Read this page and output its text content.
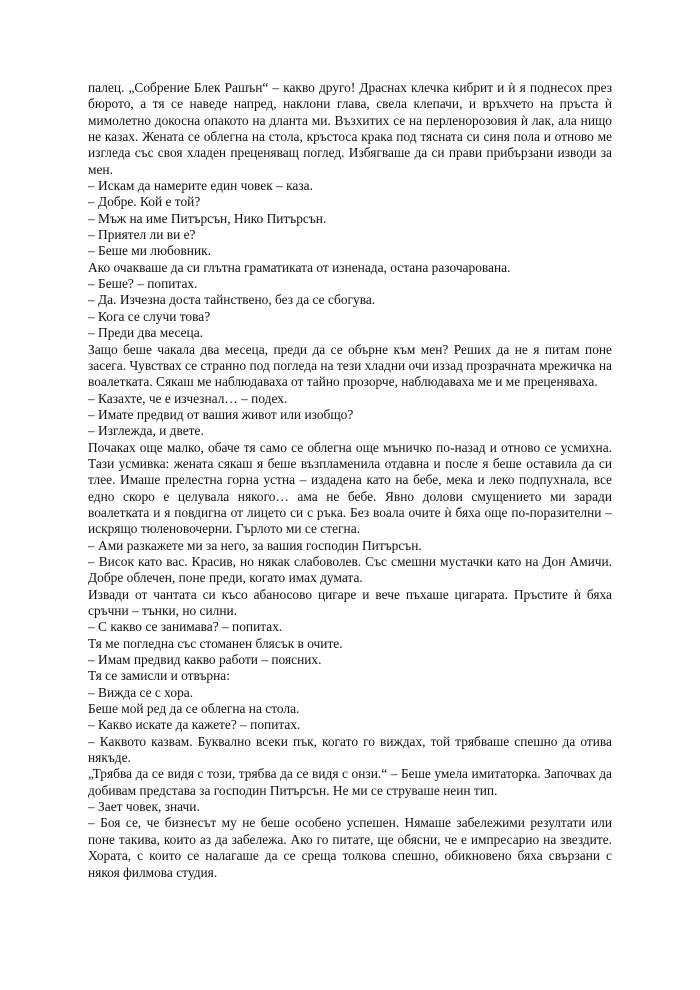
палец. „Собрение Блек Рашън“ – какво друго! Драснах клечка кибрит и ѝ я поднесох през бюрото, а тя се наведе напред, наклони глава, свела клепачи, и връхчето на пръста ѝ мимолетно докосна опакото на дланта ми. Възхитих се на перленорозовия ѝ лак, ала нищо не казах. Жената се облегна на стола, кръстоса крака под тясната си синя пола и отново ме изгледа със своя хладен преценяващ поглед. Избягваше да си прави прибързани изводи за мен.

– Искам да намерите един човек – каза.

– Добре. Кой е той?

– Мъж на име Питърсън, Нико Питърсън.

– Приятел ли ви е?

– Беше ми любовник.

Ако очакваше да си глътна граматиката от изненада, остана разочарована.

– Беше? – попитах.

– Да. Изчезна доста тайнствено, без да се сбогува.

– Кога се случи това?

– Преди два месеца.

Защо беше чакала два месеца, преди да се обърне към мен? Реших да не я питам поне засега. Чувствах се странно под погледа на тези хладни очи иззад прозрачната мрежичка на воалетката. Сякаш ме наблюдаваха от тайно прозорче, наблюдаваха ме и ме преценяваха.

– Казахте, че е изчезнал… – подех.

– Имате предвид от вашия живот или изобщо?

– Изглежда, и двете.

Почаках още малко, обаче тя само се облегна още мъничко по-назад и отново се усмихна. Тази усмивка: жената сякаш я беше възпламенила отдавна и после я беше оставила да си тлее. Имаше прелестна горна устна – издадена като на бебе, мека и леко подпухнала, все едно скоро е целувала някого… ама не бебе. Явно долови смущението ми заради воалетката и я повдигна от лицето си с ръка. Без воала очите ѝ бяха още по-поразителни – искрящо тюленовочерни. Гърлото ми се стегна.

– Ами разкажете ми за него, за вашия господин Питърсън.

– Висок като вас. Красив, но някак слабоволев. Със смешни мустачки като на Дон Амичи. Добре облечен, поне преди, когато имах думата.

Извади от чантата си късо абаносово цигаре и вече пъхаше цигарата. Пръстите ѝ бяха сръчни – тънки, но силни.

– С какво се занимава? – попитах.

Тя ме погледна със стоманен блясък в очите.

– Имам предвид какво работи – поясних.

Тя се замисли и отвърна:

– Вижда се с хора.

Беше мой ред да се облегна на стола.

– Какво искате да кажете? – попитах.

– Каквото казвам. Буквално всеки пък, когато го виждах, той трябваше спешно да отива някъде.

„Трябва да се видя с този, трябва да се видя с онзи.“ – Беше умела имитаторка. Започвах да добивам представа за господин Питърсън. Не ми се струваше неин тип.

– Зает човек, значи.

– Боя се, че бизнесът му не беше особено успешен. Нямаше забележими резултати или поне такива, които аз да забележа. Ако го питате, ще обясни, че е импресарио на звездите. Хората, с които се налагаше да се среща толкова спешно, обикновено бяха свързани с някоя филмова студия.
